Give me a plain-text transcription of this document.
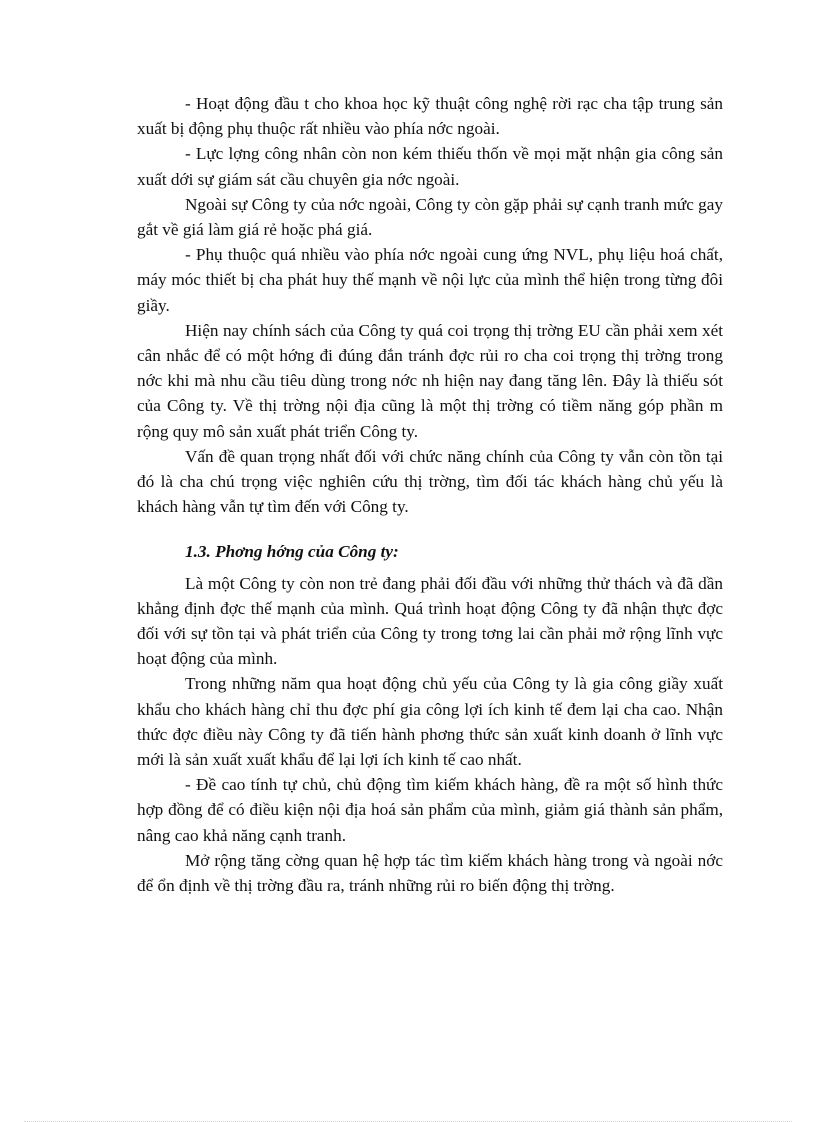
- Hoạt động đầu t cho khoa học kỹ thuật công nghệ rời rạc cha tập trung sản xuất bị động phụ thuộc rất nhiều vào phía nớc ngoài.

- Lực lợng công nhân còn non kém thiếu thốn về mọi mặt nhận gia công sản xuất dới sự giám sát cầu chuyên gia nớc ngoài.

Ngoài sự Công ty của nớc ngoài, Công ty còn gặp phải sự cạnh tranh mức gay gắt về giá làm giá rẻ hoặc phá giá.

- Phụ thuộc quá nhiều vào phía nớc ngoài cung ứng NVL, phụ liệu hoá chất, máy móc thiết bị cha phát huy thế mạnh về nội lực của mình thể hiện trong từng đôi giầy.

Hiện nay chính sách của Công ty quá coi trọng thị trờng EU cần phải xem xét cân nhắc để có một hớng đi đúng đắn tránh đợc rủi ro cha coi trọng thị trờng trong nớc khi mà nhu cầu tiêu dùng trong nớc nh hiện nay đang tăng lên. Đây là thiếu sót của Công ty. Về thị trờng nội địa cũng là một thị trờng có tiềm năng góp phần m rộng quy mô sản xuất phát triển Công ty.

Vấn đề quan trọng nhất đối với chức năng chính của Công ty vẫn còn tồn tại đó là cha chú trọng việc nghiên cứu thị trờng, tìm đối tác khách hàng chủ yếu là khách hàng vẫn tự tìm đến với Công ty.

1.3. Phơng hớng của Công ty:

Là một Công ty còn non trẻ đang phải đối đầu với những thử thách và đã dần khẳng định đợc thế mạnh của mình. Quá trình hoạt động Công ty đã nhận thực đợc đối với sự tồn tại và phát triển của Công ty trong tơng lai cần phải mở rộng lĩnh vực hoạt động của mình.

Trong những năm qua hoạt động chủ yếu của Công ty là gia công giầy xuất khẩu cho khách hàng chỉ thu đợc phí gia công lợi ích kinh tế đem lại cha cao. Nhận thức đợc điều này Công ty đã tiến hành phơng thức sản xuất kinh doanh ở lĩnh vực mới là sản xuất xuất khẩu để lại lợi ích kinh tế cao nhất.

- Đề cao tính tự chủ, chủ động tìm kiếm khách hàng, đề ra một số hình thức hợp đồng để có điều kiện nội địa hoá sản phẩm của mình, giảm giá thành sản phẩm, nâng cao khả năng cạnh tranh.

Mở rộng tăng cờng quan hệ hợp tác tìm kiếm khách hàng trong và ngoài nớc để ổn định về thị trờng đầu ra, tránh những rủi ro biến động thị trờng.
